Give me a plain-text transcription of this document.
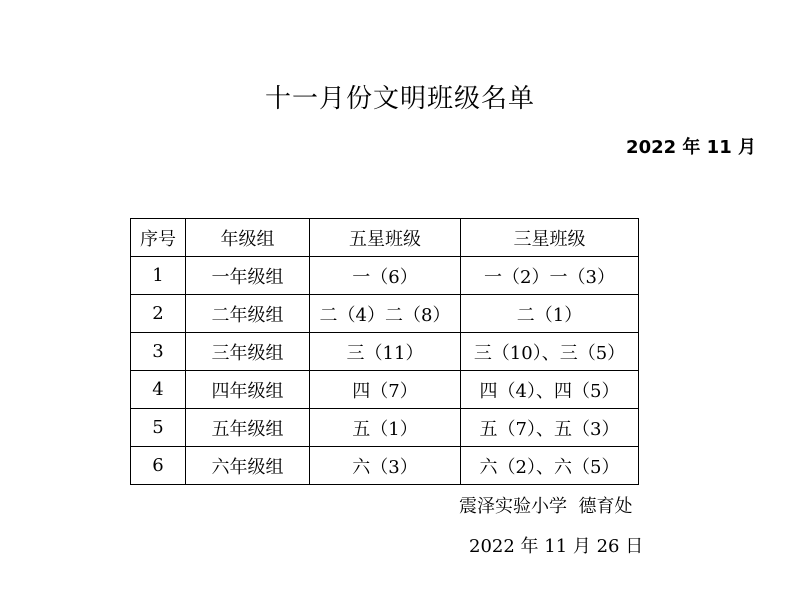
十一月份文明班级名单
2022 年 11 月
序号	年级组	五星班级	三星班级
1	一年级组	一（6）	一（2）一（3）
2	二年级组	二（4）二（8）	二（1）
3	三年级组	三（11）	三（10）、三（5）
4	四年级组	四（7）	四（4）、四（5）
5	五年级组	五（1）	五（7）、五（3）
6	六年级组	六（3）	六（2）、六（5）
震泽实验小学  德育处
2022 年 11 月 26 日
